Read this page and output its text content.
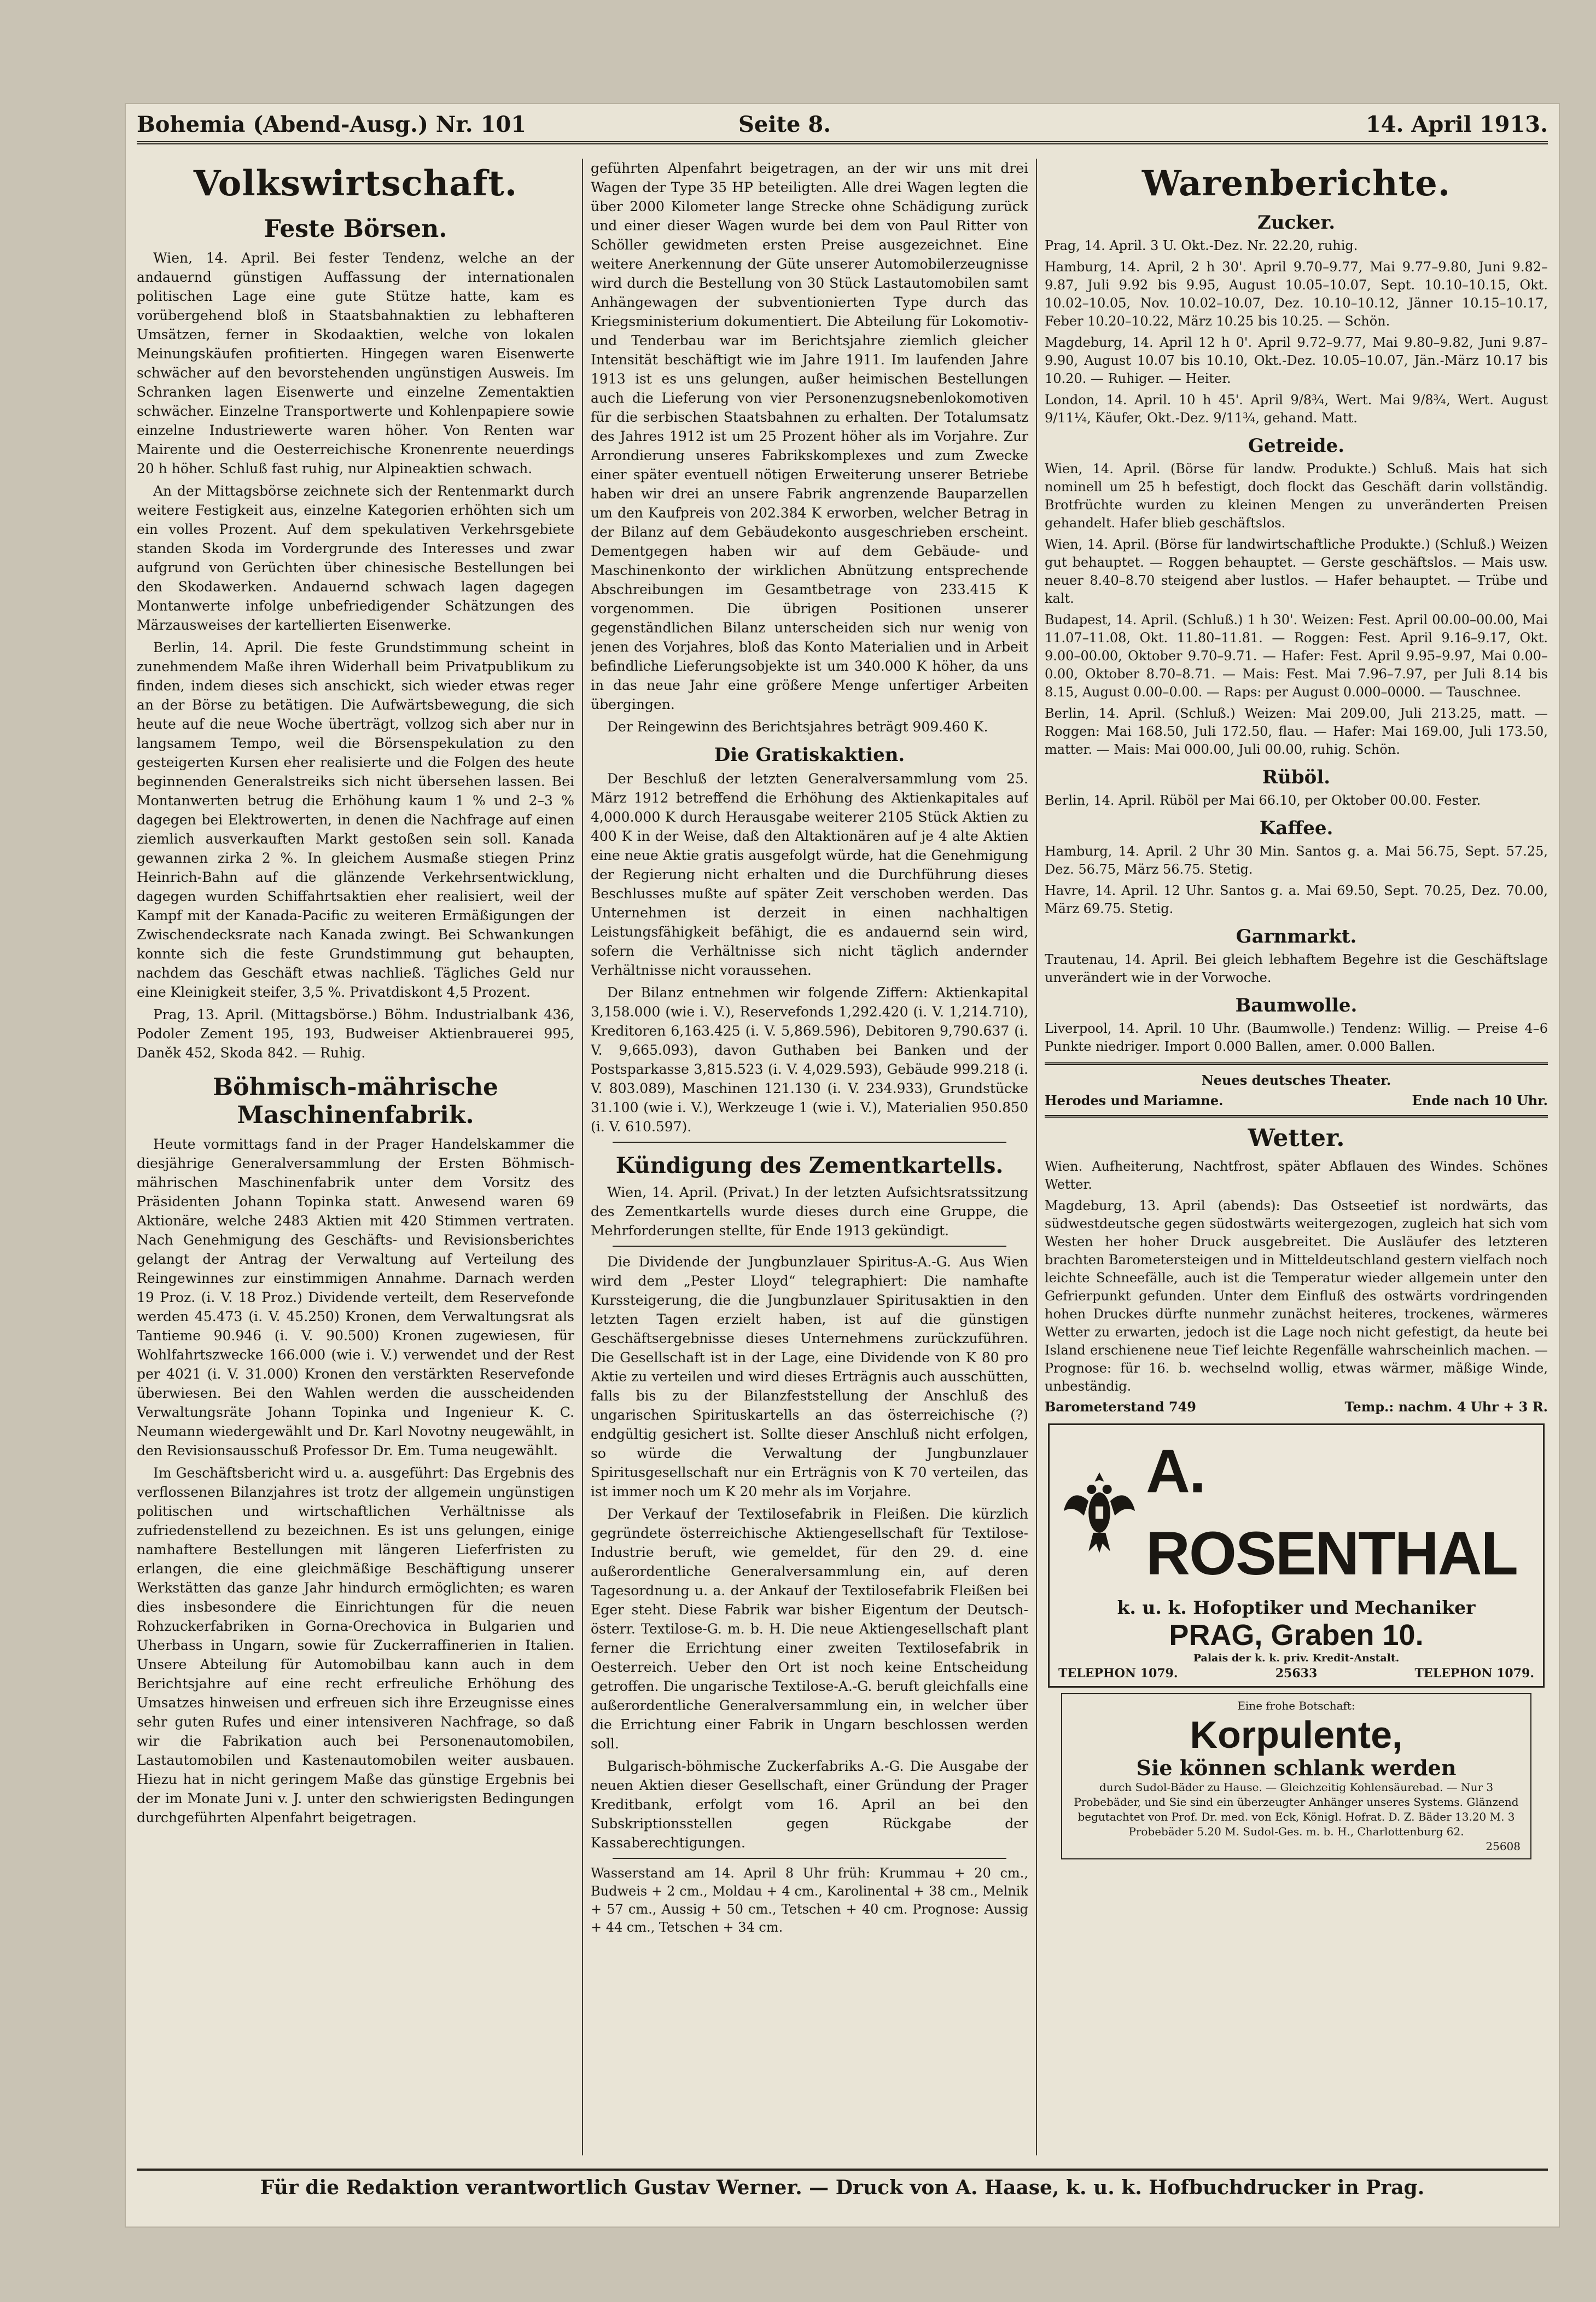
Bohemia (Abend-Ausg.) Nr. 101	Seite 8.	14. April 1913.
Volkswirtschaft.
Feste Börsen.

Wien, 14. April. Bei fester Tendenz, welche an der andauernd günstigen Auffassung der internationalen politischen Lage eine gute Stütze hatte, kam es vorübergehend bloß in Staatsbahnaktien zu lebhafteren Umsätzen, ferner in Skodaaktien, welche von lokalen Meinungskäufen profitierten. Hingegen waren Eisenwerte schwächer auf den bevorstehenden ungünstigen Ausweis. Im Schranken lagen Eisenwerte und einzelne Zementaktien schwächer. Einzelne Transportwerte und Kohlenpapiere sowie einzelne Industriewerte waren höher. Von Renten war Mairente und die Oesterreichische Kronenrente neuerdings 20 h höher. Schluß fast ruhig, nur Alpineaktien schwach.

An der Mittagsbörse zeichnete sich der Rentenmarkt durch weitere Festigkeit aus, einzelne Kategorien erhöhten sich um ein volles Prozent. Auf dem spekulativen Verkehrsgebiete standen Skoda im Vordergrunde des Interesses und zwar aufgrund von Gerüchten über chinesische Bestellungen bei den Skodawerken. Andauernd schwach lagen dagegen Montanwerte infolge unbefriedigender Schätzungen des Märzausweises der kartellierten Eisenwerke.

Berlin, 14. April. Die feste Grundstimmung scheint in zunehmendem Maße ihren Widerhall beim Privatpublikum zu finden, indem dieses sich anschickt, sich wieder etwas reger an der Börse zu betätigen. Die Aufwärtsbewegung, die sich heute auf die neue Woche überträgt, vollzog sich aber nur in langsamem Tempo, weil die Börsenspekulation zu den gesteigerten Kursen eher realisierte und die Folgen des heute beginnenden Generalstreiks sich nicht übersehen lassen. Bei Montanwerten betrug die Erhöhung kaum 1 % und 2–3 % dagegen bei Elektrowerten, in denen die Nachfrage auf einen ziemlich ausverkauften Markt gestoßen sein soll. Kanada gewannen zirka 2 %. In gleichem Ausmaße stiegen Prinz Heinrich-Bahn auf die glänzende Verkehrsentwicklung, dagegen wurden Schiffahrtsaktien eher realisiert, weil der Kampf mit der Kanada-Pacific zu weiteren Ermäßigungen der Zwischendecksrate nach Kanada zwingt. Bei Schwankungen konnte sich die feste Grundstimmung gut behaupten, nachdem das Geschäft etwas nachließ. Tägliches Geld nur eine Kleinigkeit steifer, 3,5 %. Privatdiskont 4,5 Prozent.

Prag, 13. April. (Mittagsbörse.) Böhm. Industrialbank 436, Podoler Zement 195, 193, Budweiser Aktienbrauerei 995, Daněk 452, Skoda 842. — Ruhig.

Böhmisch-mährische Maschinenfabrik.

Heute vormittags fand in der Prager Handelskammer die diesjährige Generalversammlung der Ersten Böhmisch-mährischen Maschinenfabrik unter dem Vorsitz des Präsidenten Johann Topinka statt. Anwesend waren 69 Aktionäre, welche 2483 Aktien mit 420 Stimmen vertraten. Nach Genehmigung des Geschäfts- und Revisionsberichtes gelangt der Antrag der Verwaltung auf Verteilung des Reingewinnes zur einstimmigen Annahme. Darnach werden 19 Proz. (i. V. 18 Proz.) Dividende verteilt, dem Reservefonde werden 45.473 (i. V. 45.250) Kronen, dem Verwaltungsrat als Tantieme 90.946 (i. V. 90.500) Kronen zugewiesen, für Wohlfahrtszwecke 166.000 (wie i. V.) verwendet und der Rest per 4021 (i. V. 31.000) Kronen den verstärkten Reservefonde überwiesen. Bei den Wahlen werden die ausscheidenden Verwaltungsräte Johann Topinka und Ingenieur K. C. Neumann wiedergewählt und Dr. Karl Novotny neugewählt, in den Revisionsausschuß Professor Dr. Em. Tuma neugewählt.

Im Geschäftsbericht wird u. a. ausgeführt: Das Ergebnis des verflossenen Bilanzjahres ist trotz der allgemein ungünstigen politischen und wirtschaftlichen Verhältnisse als zufriedenstellend zu bezeichnen. Es ist uns gelungen, einige namhaftere Bestellungen mit längeren Lieferfristen zu erlangen, die eine gleichmäßige Beschäftigung unserer Werkstätten das ganze Jahr hindurch ermöglichten; es waren dies insbesondere die Einrichtungen für die neuen Rohzuckerfabriken in Gorna-Orechovica in Bulgarien und Uherbass in Ungarn, sowie für Zuckerraffinerien in Italien. Unsere Abteilung für Automobilbau kann auch in dem Berichtsjahre auf eine recht erfreuliche Erhöhung des Umsatzes hinweisen und erfreuen sich ihre Erzeugnisse eines sehr guten Rufes und einer intensiveren Nachfrage, so daß wir die Fabrikation auch bei Personenautomobilen, Lastautomobilen und Kastenautomobilen weiter ausbauen. Hiezu hat in nicht geringem Maße das günstige Ergebnis bei der im Monate Juni v. J. unter den schwierigsten Bedingungen durchgeführten Alpenfahrt beigetragen.

geführten Alpenfahrt beigetragen, an der wir uns mit drei Wagen der Type 35 HP beteiligten. Alle drei Wagen legten die über 2000 Kilometer lange Strecke ohne Schädigung zurück und einer dieser Wagen wurde bei dem von Paul Ritter von Schöller gewidmeten ersten Preise ausgezeichnet. Eine weitere Anerkennung der Güte unserer Automobilerzeugnisse wird durch die Bestellung von 30 Stück Lastautomobilen samt Anhängewagen der subventionierten Type durch das Kriegsministerium dokumentiert. Die Abteilung für Lokomotiv- und Tenderbau war im Berichtsjahre ziemlich gleicher Intensität beschäftigt wie im Jahre 1911. Im laufenden Jahre 1913 ist es uns gelungen, außer heimischen Bestellungen auch die Lieferung von vier Personenzugsnebenlokomotiven für die serbischen Staatsbahnen zu erhalten. Der Totalumsatz des Jahres 1912 ist um 25 Prozent höher als im Vorjahre. Zur Arrondierung unseres Fabrikskomplexes und zum Zwecke einer später eventuell nötigen Erweiterung unserer Betriebe haben wir drei an unsere Fabrik angrenzende Bauparzellen um den Kaufpreis von 202.384 K erworben, welcher Betrag in der Bilanz auf dem Gebäudekonto ausgeschrieben erscheint. Dementgegen haben wir auf dem Gebäude- und Maschinenkonto der wirklichen Abnützung entsprechende Abschreibungen im Gesamtbetrage von 233.415 K vorgenommen. Die übrigen Positionen unserer gegenständlichen Bilanz unterscheiden sich nur wenig von jenen des Vorjahres, bloß das Konto Materialien und in Arbeit befindliche Lieferungsobjekte ist um 340.000 K höher, da uns in das neue Jahr eine größere Menge unfertiger Arbeiten übergingen.

Der Reingewinn des Berichtsjahres beträgt 909.460 K.

Die Gratiskaktien.

Der Beschluß der letzten Generalversammlung vom 25. März 1912 betreffend die Erhöhung des Aktienkapitales auf 4,000.000 K durch Herausgabe weiterer 2105 Stück Aktien zu 400 K in der Weise, daß den Altaktionären auf je 4 alte Aktien eine neue Aktie gratis ausgefolgt würde, hat die Genehmigung der Regierung nicht erhalten und die Durchführung dieses Beschlusses mußte auf später Zeit verschoben werden. Das Unternehmen ist derzeit in einen nachhaltigen Leistungsfähigkeit befähigt, die es andauernd sein wird, sofern die Verhältnisse sich nicht täglich andernder Verhältnisse nicht voraussehen.

Der Bilanz entnehmen wir folgende Ziffern: Aktienkapital 3,158.000 (wie i. V.), Reservefonds 1,292.420 (i. V. 1,214.710), Kreditoren 6,163.425 (i. V. 5,869.596), Debitoren 9,790.637 (i. V. 9,665.093), davon Guthaben bei Banken und der Postsparkasse 3,815.523 (i. V. 4,029.593), Gebäude 999.218 (i. V. 803.089), Maschinen 121.130 (i. V. 234.933), Grundstücke 31.100 (wie i. V.), Werkzeuge 1 (wie i. V.), Materialien 950.850 (i. V. 610.597).

Kündigung des Zementkartells.

Wien, 14. April. (Privat.) In der letzten Aufsichtsratssitzung des Zementkartells wurde dieses durch eine Gruppe, die Mehrforderungen stellte, für Ende 1913 gekündigt.

Die Dividende der Jungbunzlauer Spiritus-A.-G. Aus Wien wird dem „Pester Lloyd“ telegraphiert: Die namhafte Kurssteigerung, die die Jungbunzlauer Spiritusaktien in den letzten Tagen erzielt haben, ist auf die günstigen Geschäftsergebnisse dieses Unternehmens zurückzuführen. Die Gesellschaft ist in der Lage, eine Dividende von K 80 pro Aktie zu verteilen und wird dieses Erträgnis auch ausschütten, falls bis zu der Bilanzfeststellung der Anschluß des ungarischen Spirituskartells an das österreichische (?) endgültig gesichert ist. Sollte dieser Anschluß nicht erfolgen, so würde die Verwaltung der Jungbunzlauer Spiritusgesellschaft nur ein Erträgnis von K 70 verteilen, das ist immer noch um K 20 mehr als im Vorjahre.

Der Verkauf der Textilosefabrik in Fleißen. Die kürzlich gegründete österreichische Aktiengesellschaft für Textilose-Industrie beruft, wie gemeldet, für den 29. d. eine außerordentliche Generalversammlung ein, auf deren Tagesordnung u. a. der Ankauf der Textilosefabrik Fleißen bei Eger steht. Diese Fabrik war bisher Eigentum der Deutsch-österr. Textilose-G. m. b. H. Die neue Aktiengesellschaft plant ferner die Errichtung einer zweiten Textilosefabrik in Oesterreich. Ueber den Ort ist noch keine Entscheidung getroffen. Die ungarische Textilose-A.-G. beruft gleichfalls eine außerordentliche Generalversammlung ein, in welcher über die Errichtung einer Fabrik in Ungarn beschlossen werden soll.

Bulgarisch-böhmische Zuckerfabriks A.-G. Die Ausgabe der neuen Aktien dieser Gesellschaft, einer Gründung der Prager Kreditbank, erfolgt vom 16. April an bei den Subskriptionsstellen gegen Rückgabe der Kassaberechtigungen.

Wasserstand am 14. April 8 Uhr früh: Krummau + 20 cm., Budweis + 2 cm., Moldau + 4 cm., Karolinental + 38 cm., Melnik + 57 cm., Aussig + 50 cm., Tetschen + 40 cm. Prognose: Aussig + 44 cm., Tetschen + 34 cm.

Warenberichte.
Zucker.

Prag, 14. April. 3 U. Okt.-Dez. Nr. 22.20, ruhig.

Hamburg, 14. April, 2 h 30'. April 9.70–9.77, Mai 9.77–9.80, Juni 9.82–9.87, Juli 9.92 bis 9.95, August 10.05–10.07, Sept. 10.10–10.15, Okt. 10.02–10.05, Nov. 10.02–10.07, Dez. 10.10–10.12, Jänner 10.15–10.17, Feber 10.20–10.22, März 10.25 bis 10.25. — Schön.

Magdeburg, 14. April 12 h 0'. April 9.72–9.77, Mai 9.80–9.82, Juni 9.87–9.90, August 10.07 bis 10.10, Okt.-Dez. 10.05–10.07, Jän.-März 10.17 bis 10.20. — Ruhiger. — Heiter.

London, 14. April. 10 h 45'. April 9/8¾, Wert. Mai 9/8¾, Wert. August 9/11¼, Käufer, Okt.-Dez. 9/11¾, gehand. Matt.

Getreide.

Wien, 14. April. (Börse für landw. Produkte.) Schluß. Mais hat sich nominell um 25 h befestigt, doch flockt das Geschäft darin vollständig. Brotfrüchte wurden zu kleinen Mengen zu unveränderten Preisen gehandelt. Hafer blieb geschäftslos.

Wien, 14. April. (Börse für landwirtschaftliche Produkte.) (Schluß.) Weizen gut behauptet. — Roggen behauptet. — Gerste geschäftslos. — Mais usw. neuer 8.40–8.70 steigend aber lustlos. — Hafer behauptet. — Trübe und kalt.

Budapest, 14. April. (Schluß.) 1 h 30'. Weizen: Fest. April 00.00–00.00, Mai 11.07–11.08, Okt. 11.80–11.81. — Roggen: Fest. April 9.16–9.17, Okt. 9.00–00.00, Oktober 9.70–9.71. — Hafer: Fest. April 9.95–9.97, Mai 0.00–0.00, Oktober 8.70–8.71. — Mais: Fest. Mai 7.96–7.97, per Juli 8.14 bis 8.15, August 0.00–0.00. — Raps: per August 0.000–0000. — Tauschnee.

Berlin, 14. April. (Schluß.) Weizen: Mai 209.00, Juli 213.25, matt. — Roggen: Mai 168.50, Juli 172.50, flau. — Hafer: Mai 169.00, Juli 173.50, matter. — Mais: Mai 000.00, Juli 00.00, ruhig. Schön.

Rüböl.

Berlin, 14. April. Rüböl per Mai 66.10, per Oktober 00.00. Fester.

Kaffee.

Hamburg, 14. April. 2 Uhr 30 Min. Santos g. a. Mai 56.75, Sept. 57.25, Dez. 56.75, März 56.75. Stetig.

Havre, 14. April. 12 Uhr. Santos g. a. Mai 69.50, Sept. 70.25, Dez. 70.00, März 69.75. Stetig.

Garnmarkt.

Trautenau, 14. April. Bei gleich lebhaftem Begehre ist die Geschäftslage unverändert wie in der Vorwoche.

Baumwolle.

Liverpool, 14. April. 10 Uhr. (Baumwolle.) Tendenz: Willig. — Preise 4–6 Punkte niedriger. Import 0.000 Ballen, amer. 0.000 Ballen.

Neues deutsches Theater.
Herodes und Mariamne.	Ende nach 10 Uhr.
Wetter.

Wien. Aufheiterung, Nachtfrost, später Abflauen des Windes. Schönes Wetter.

Magdeburg, 13. April (abends): Das Ostseetief ist nordwärts, das südwestdeutsche gegen südostwärts weitergezogen, zugleich hat sich vom Westen her hoher Druck ausgebreitet. Die Ausläufer des letzteren brachten Barometersteigen und in Mitteldeutschland gestern vielfach noch leichte Schneefälle, auch ist die Temperatur wieder allgemein unter den Gefrierpunkt gefunden. Unter dem Einfluß des ostwärts vordringenden hohen Druckes dürfte nunmehr zunächst heiteres, trockenes, wärmeres Wetter zu erwarten, jedoch ist die Lage noch nicht gefestigt, da heute bei Island erschienene neue Tief leichte Regenfälle wahrscheinlich machen. — Prognose: für 16. b. wechselnd wollig, etwas wärmer, mäßige Winde, unbeständig.

Barometerstand 749	Temp.: nachm. 4 Uhr + 3 R.
A. ROSENTHAL
k. u. k. Hofoptiker und Mechaniker
PRAG, Graben 10.
Palais der k. k. priv. Kredit-Anstalt.
TELEPHON 1079.	25633	TELEPHON 1079.
Eine frohe Botschaft:
Korpulente,
Sie können schlank werden
durch Sudol-Bäder zu Hause. — Gleichzeitig Kohlensäurebad. — Nur 3 Probebäder, und Sie sind ein überzeugter Anhänger unseres Systems. Glänzend begutachtet von Prof. Dr. med. von Eck, Königl. Hofrat. D. Z. Bäder 13.20 M. 3 Probebäder 5.20 M. Sudol-Ges. m. b. H., Charlottenburg 62.
25608
Für die Redaktion verantwortlich Gustav Werner. — Druck von A. Haase, k. u. k. Hofbuchdrucker in Prag.
